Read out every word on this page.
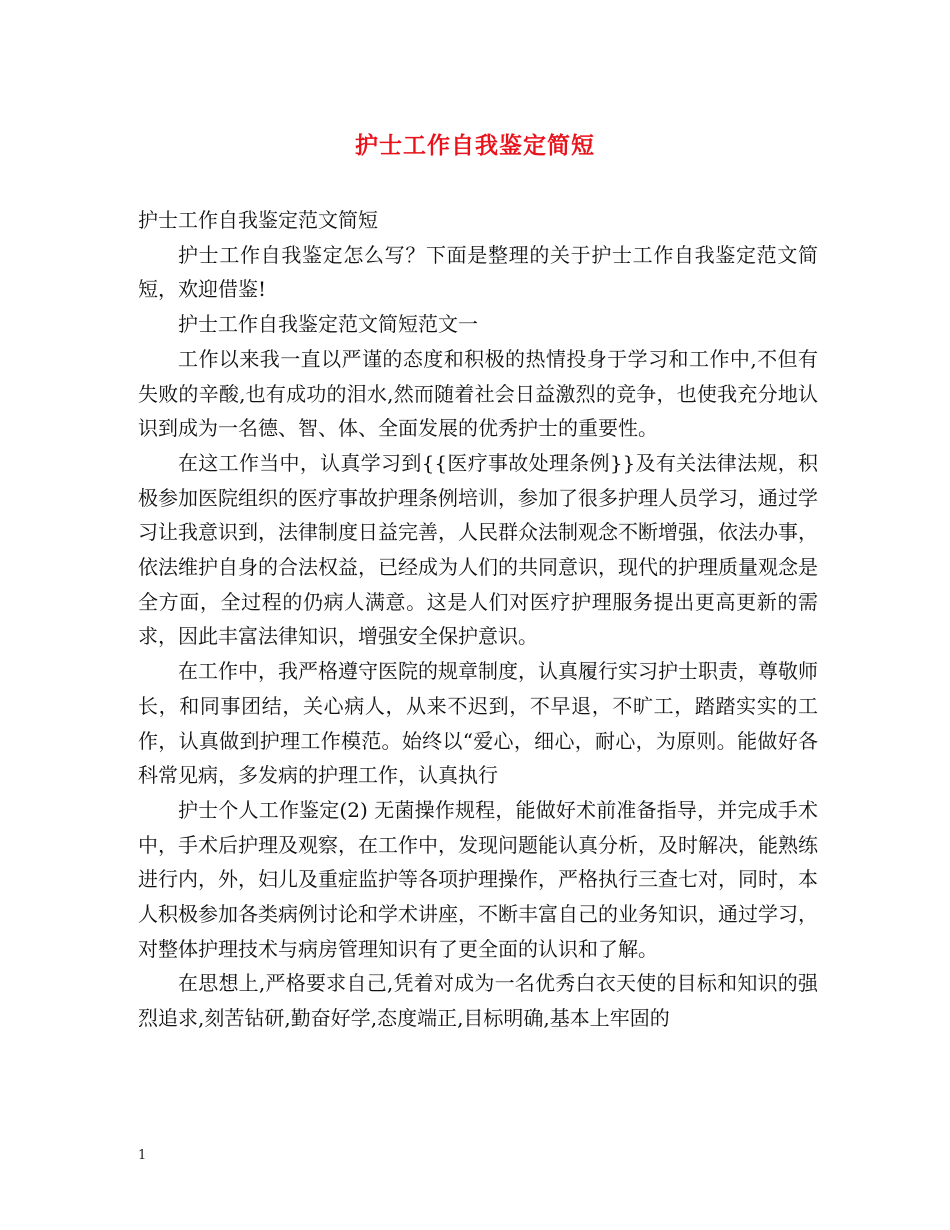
护士工作自我鉴定简短

护士工作自我鉴定范文简短

护士工作自我鉴定怎么写？下面是整理的关于护士工作自我鉴定范文简短，欢迎借鉴!

护士工作自我鉴定范文简短范文一

工作以来我一直以严谨的态度和积极的热情投身于学习和工作中,不但有失败的辛酸,也有成功的泪水,然而随着社会日益激烈的竞争，也使我充分地认识到成为一名德、智、体、全面发展的优秀护士的重要性。

在这工作当中，认真学习到{{医疗事故处理条例}}及有关法律法规，积极参加医院组织的医疗事故护理条例培训，参加了很多护理人员学习，通过学习让我意识到，法律制度日益完善，人民群众法制观念不断增强，依法办事，依法维护自身的合法权益，已经成为人们的共同意识，现代的护理质量观念是全方面，全过程的仍病人满意。这是人们对医疗护理服务提出更高更新的需求，因此丰富法律知识，增强安全保护意识。

在工作中，我严格遵守医院的规章制度，认真履行实习护士职责，尊敬师长，和同事团结，关心病人，从来不迟到，不早退，不旷工，踏踏实实的工作，认真做到护理工作模范。始终以“爱心，细心，耐心，为原则。能做好各科常见病，多发病的护理工作，认真执行

护士个人工作鉴定(2) 无菌操作规程，能做好术前准备指导，并完成手术中，手术后护理及观察，在工作中，发现问题能认真分析，及时解决，能熟练进行内，外，妇儿及重症监护等各项护理操作，严格执行三查七对，同时，本人积极参加各类病例讨论和学术讲座，不断丰富自己的业务知识，通过学习，对整体护理技术与病房管理知识有了更全面的认识和了解。

在思想上,严格要求自己,凭着对成为一名优秀白衣天使的目标和知识的强烈追求,刻苦钻研,勤奋好学,态度端正,目标明确,基本上牢固的

1
